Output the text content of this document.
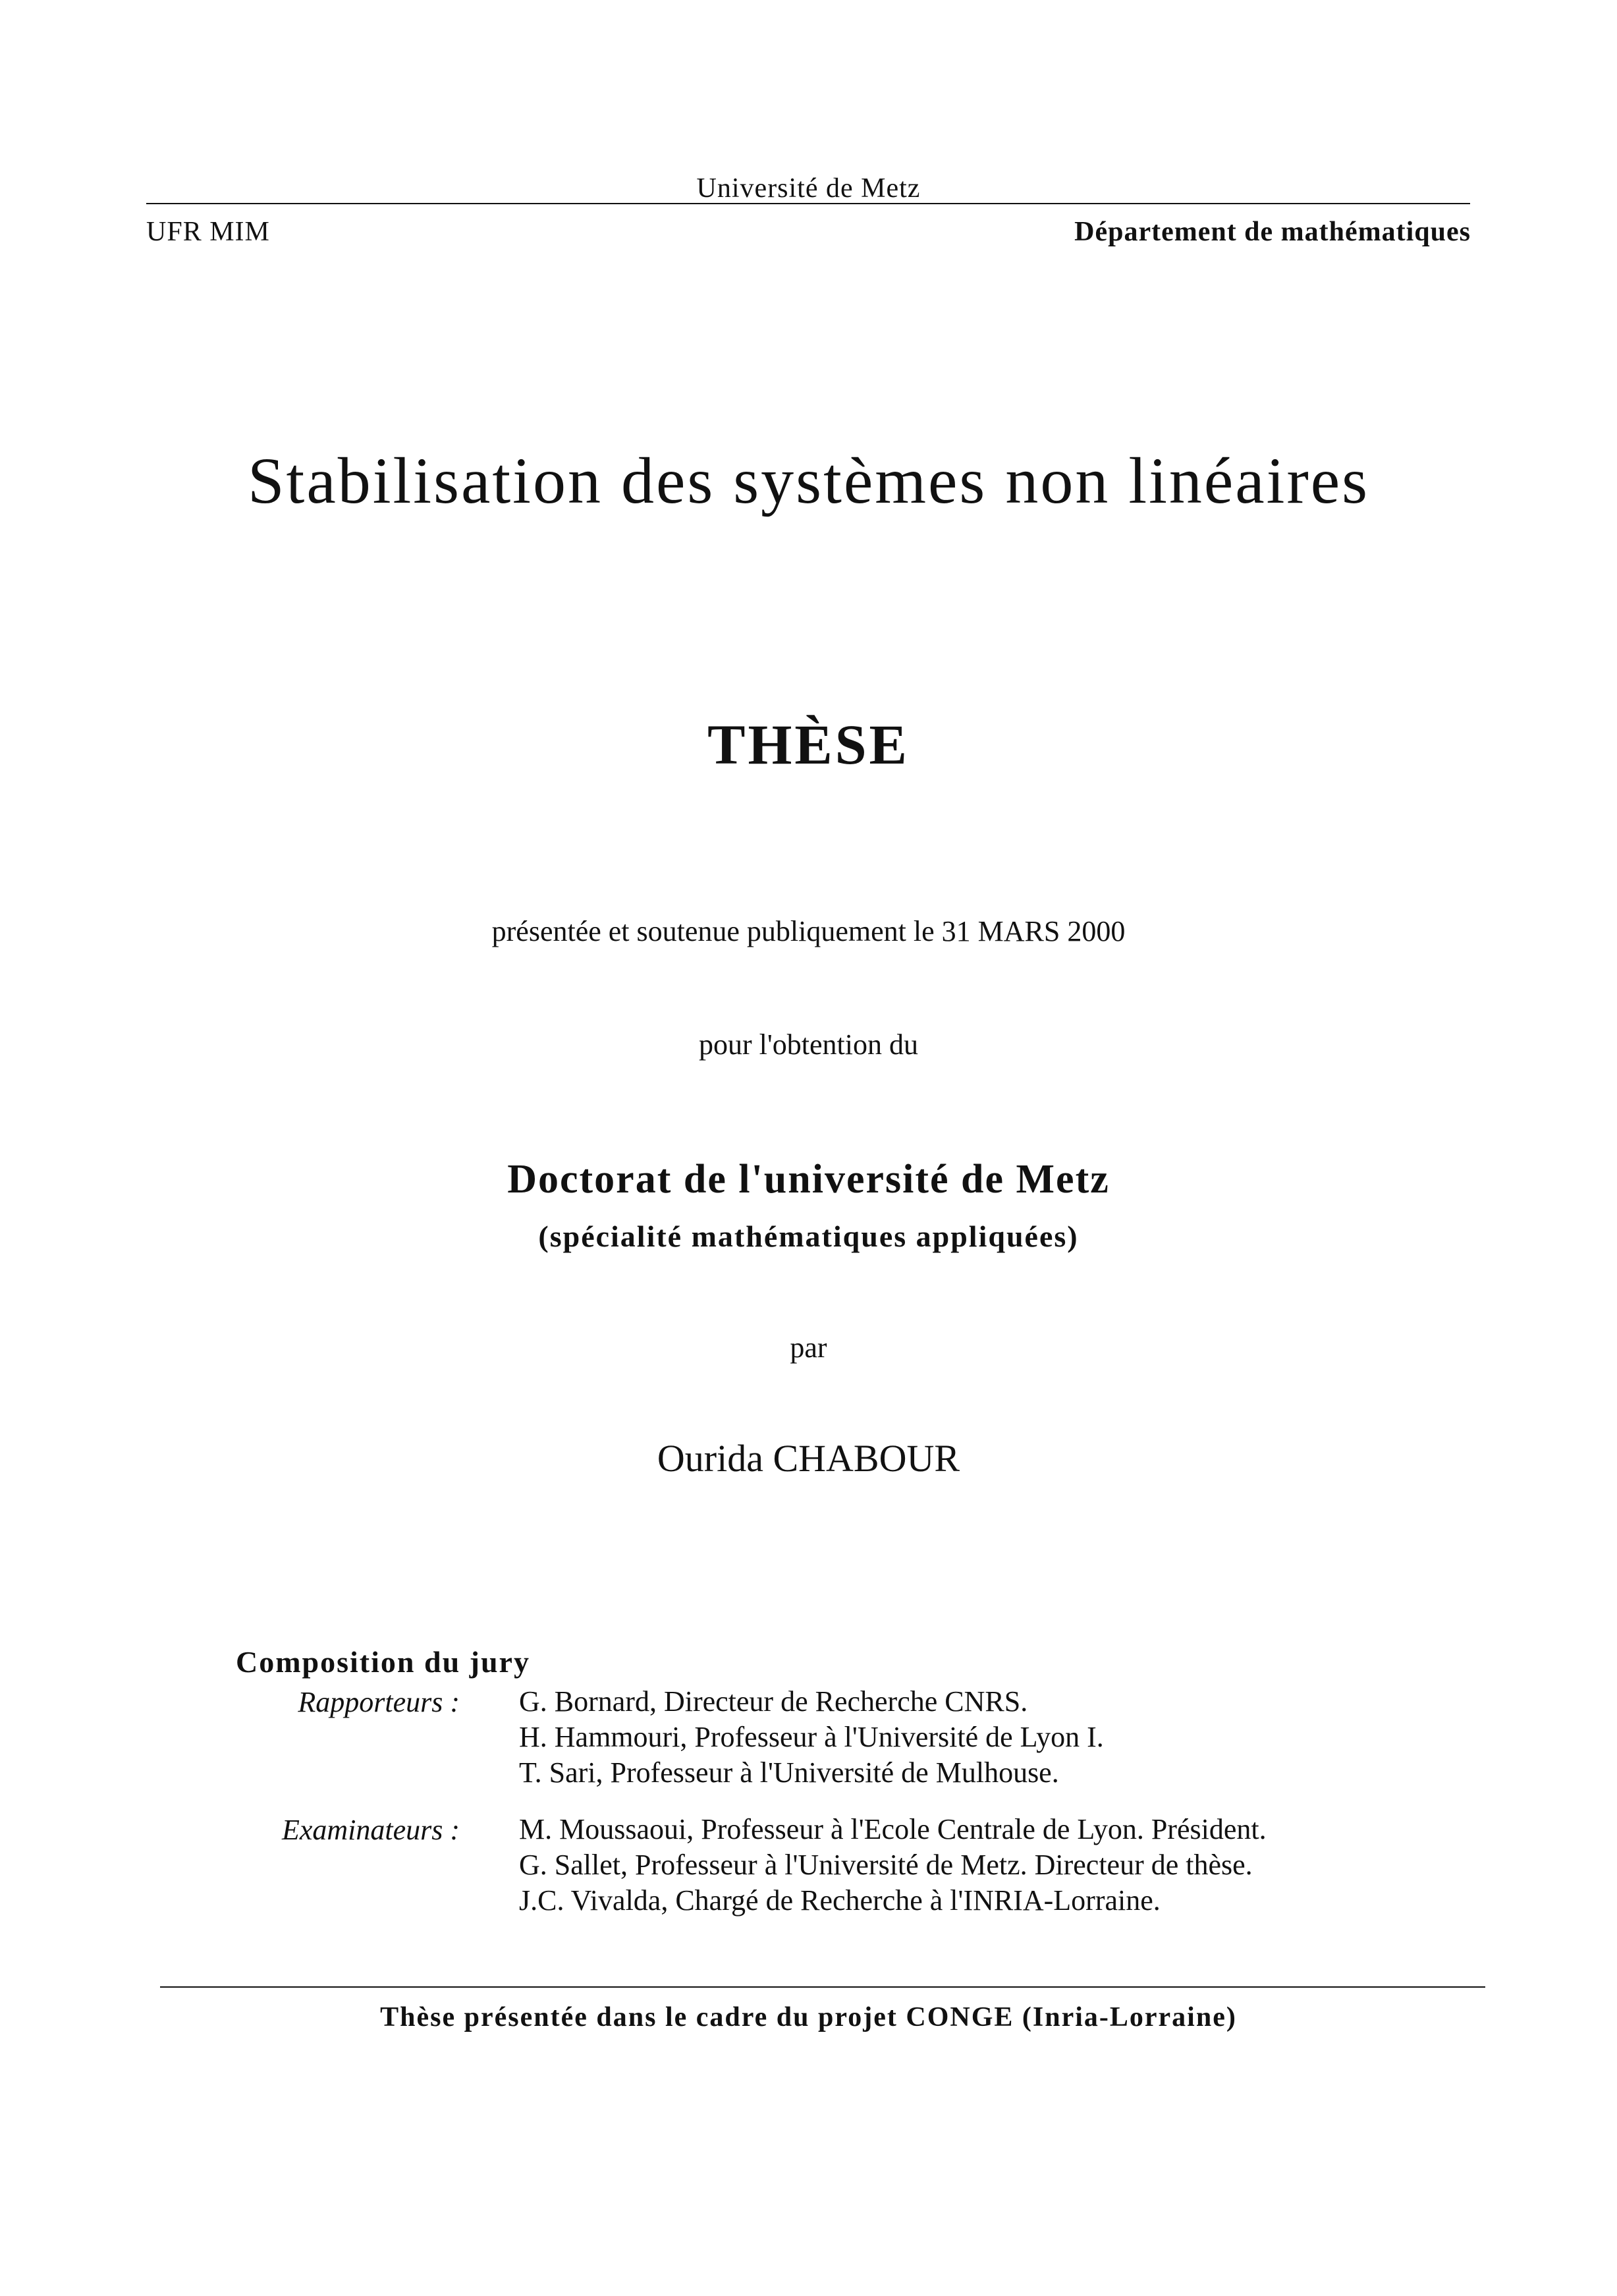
Université de Metz
UFR MIM	Département de mathématiques
Stabilisation des systèmes non linéaires
THÈSE
présentée et soutenue publiquement le 31 MARS 2000
pour l'obtention du
Doctorat de l'université de Metz
(spécialité mathématiques appliquées)
par
Ourida CHABOUR
Composition du jury
Rapporteurs : G. Bornard, Directeur de Recherche CNRS.
H. Hammouri, Professeur à l'Université de Lyon I.
T. Sari, Professeur à l'Université de Mulhouse.
Examinateurs : M. Moussaoui, Professeur à l'Ecole Centrale de Lyon. Président.
G. Sallet, Professeur à l'Université de Metz. Directeur de thèse.
J.C. Vivalda, Chargé de Recherche à l'INRIA-Lorraine.
Thèse présentée dans le cadre du projet CONGE (Inria-Lorraine)
